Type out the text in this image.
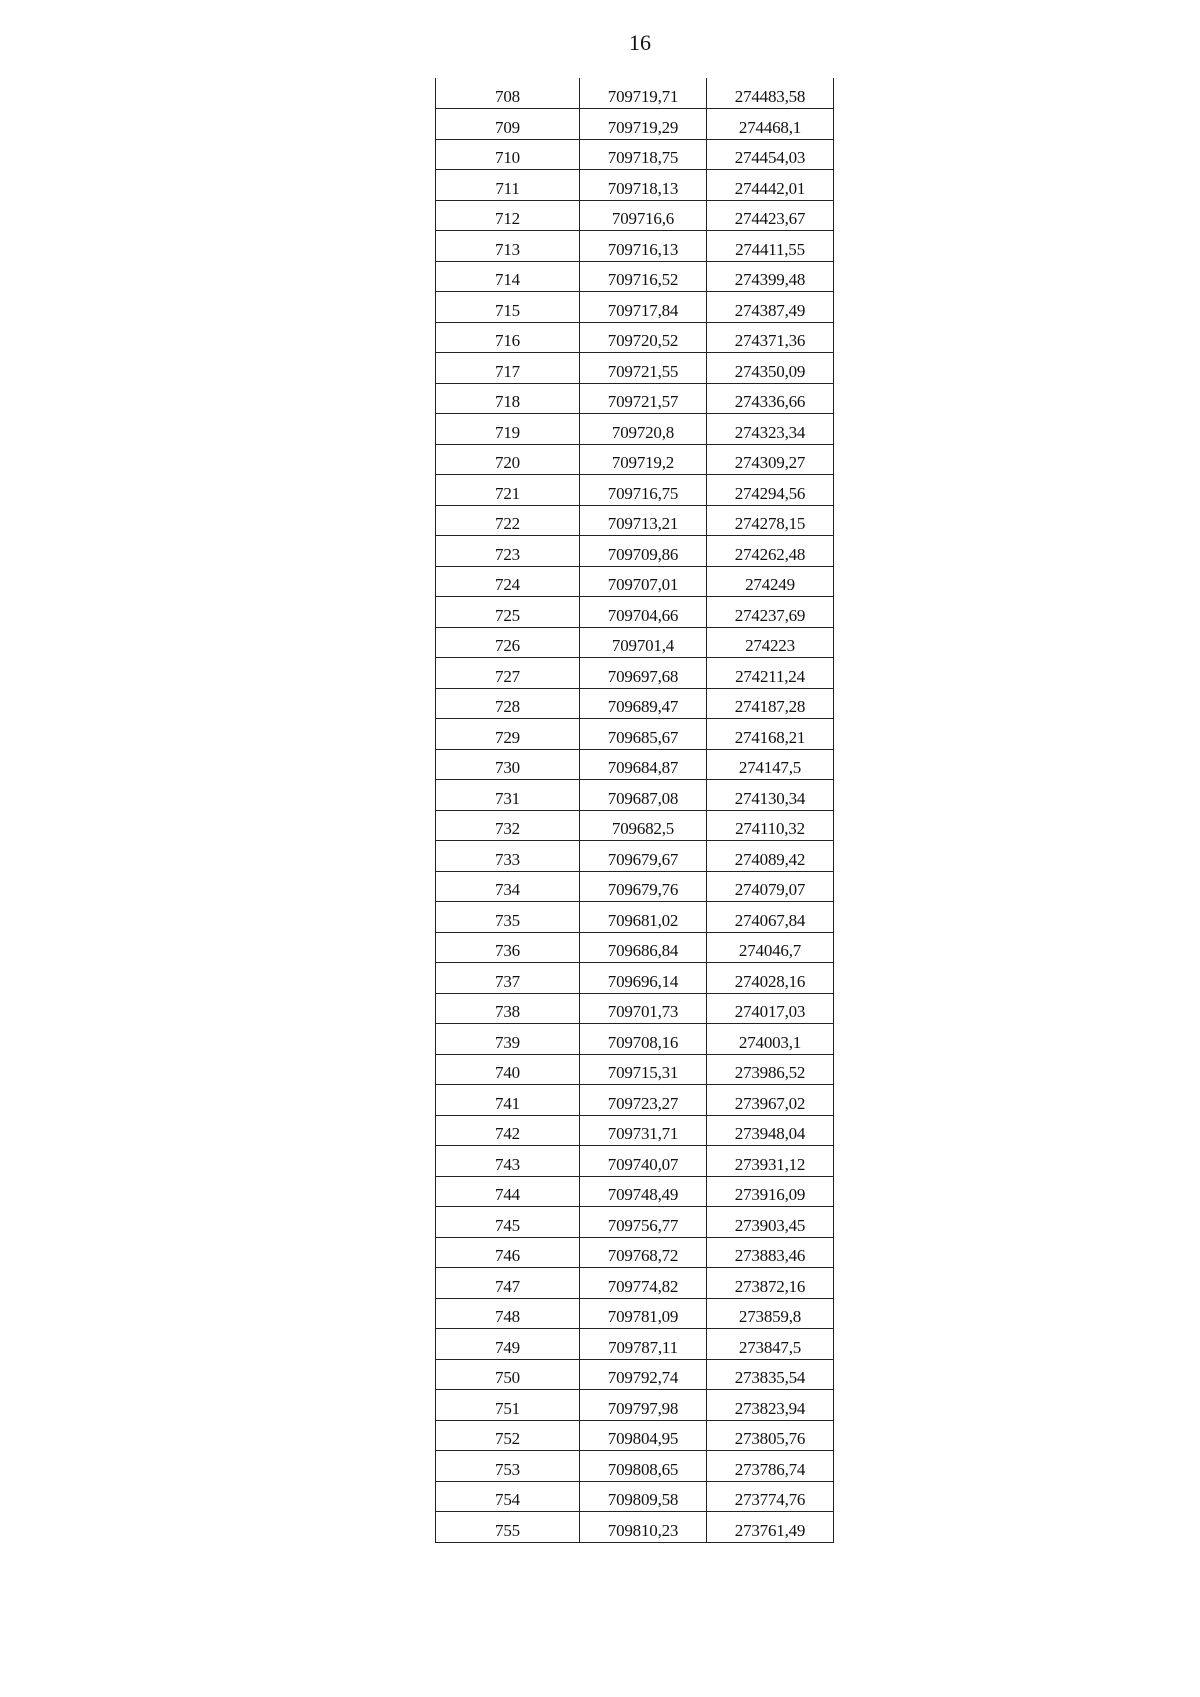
16
708	709719,71	274483,58
709	709719,29	274468,1
710	709718,75	274454,03
711	709718,13	274442,01
712	709716,6	274423,67
713	709716,13	274411,55
714	709716,52	274399,48
715	709717,84	274387,49
716	709720,52	274371,36
717	709721,55	274350,09
718	709721,57	274336,66
719	709720,8	274323,34
720	709719,2	274309,27
721	709716,75	274294,56
722	709713,21	274278,15
723	709709,86	274262,48
724	709707,01	274249
725	709704,66	274237,69
726	709701,4	274223
727	709697,68	274211,24
728	709689,47	274187,28
729	709685,67	274168,21
730	709684,87	274147,5
731	709687,08	274130,34
732	709682,5	274110,32
733	709679,67	274089,42
734	709679,76	274079,07
735	709681,02	274067,84
736	709686,84	274046,7
737	709696,14	274028,16
738	709701,73	274017,03
739	709708,16	274003,1
740	709715,31	273986,52
741	709723,27	273967,02
742	709731,71	273948,04
743	709740,07	273931,12
744	709748,49	273916,09
745	709756,77	273903,45
746	709768,72	273883,46
747	709774,82	273872,16
748	709781,09	273859,8
749	709787,11	273847,5
750	709792,74	273835,54
751	709797,98	273823,94
752	709804,95	273805,76
753	709808,65	273786,74
754	709809,58	273774,76
755	709810,23	273761,49
